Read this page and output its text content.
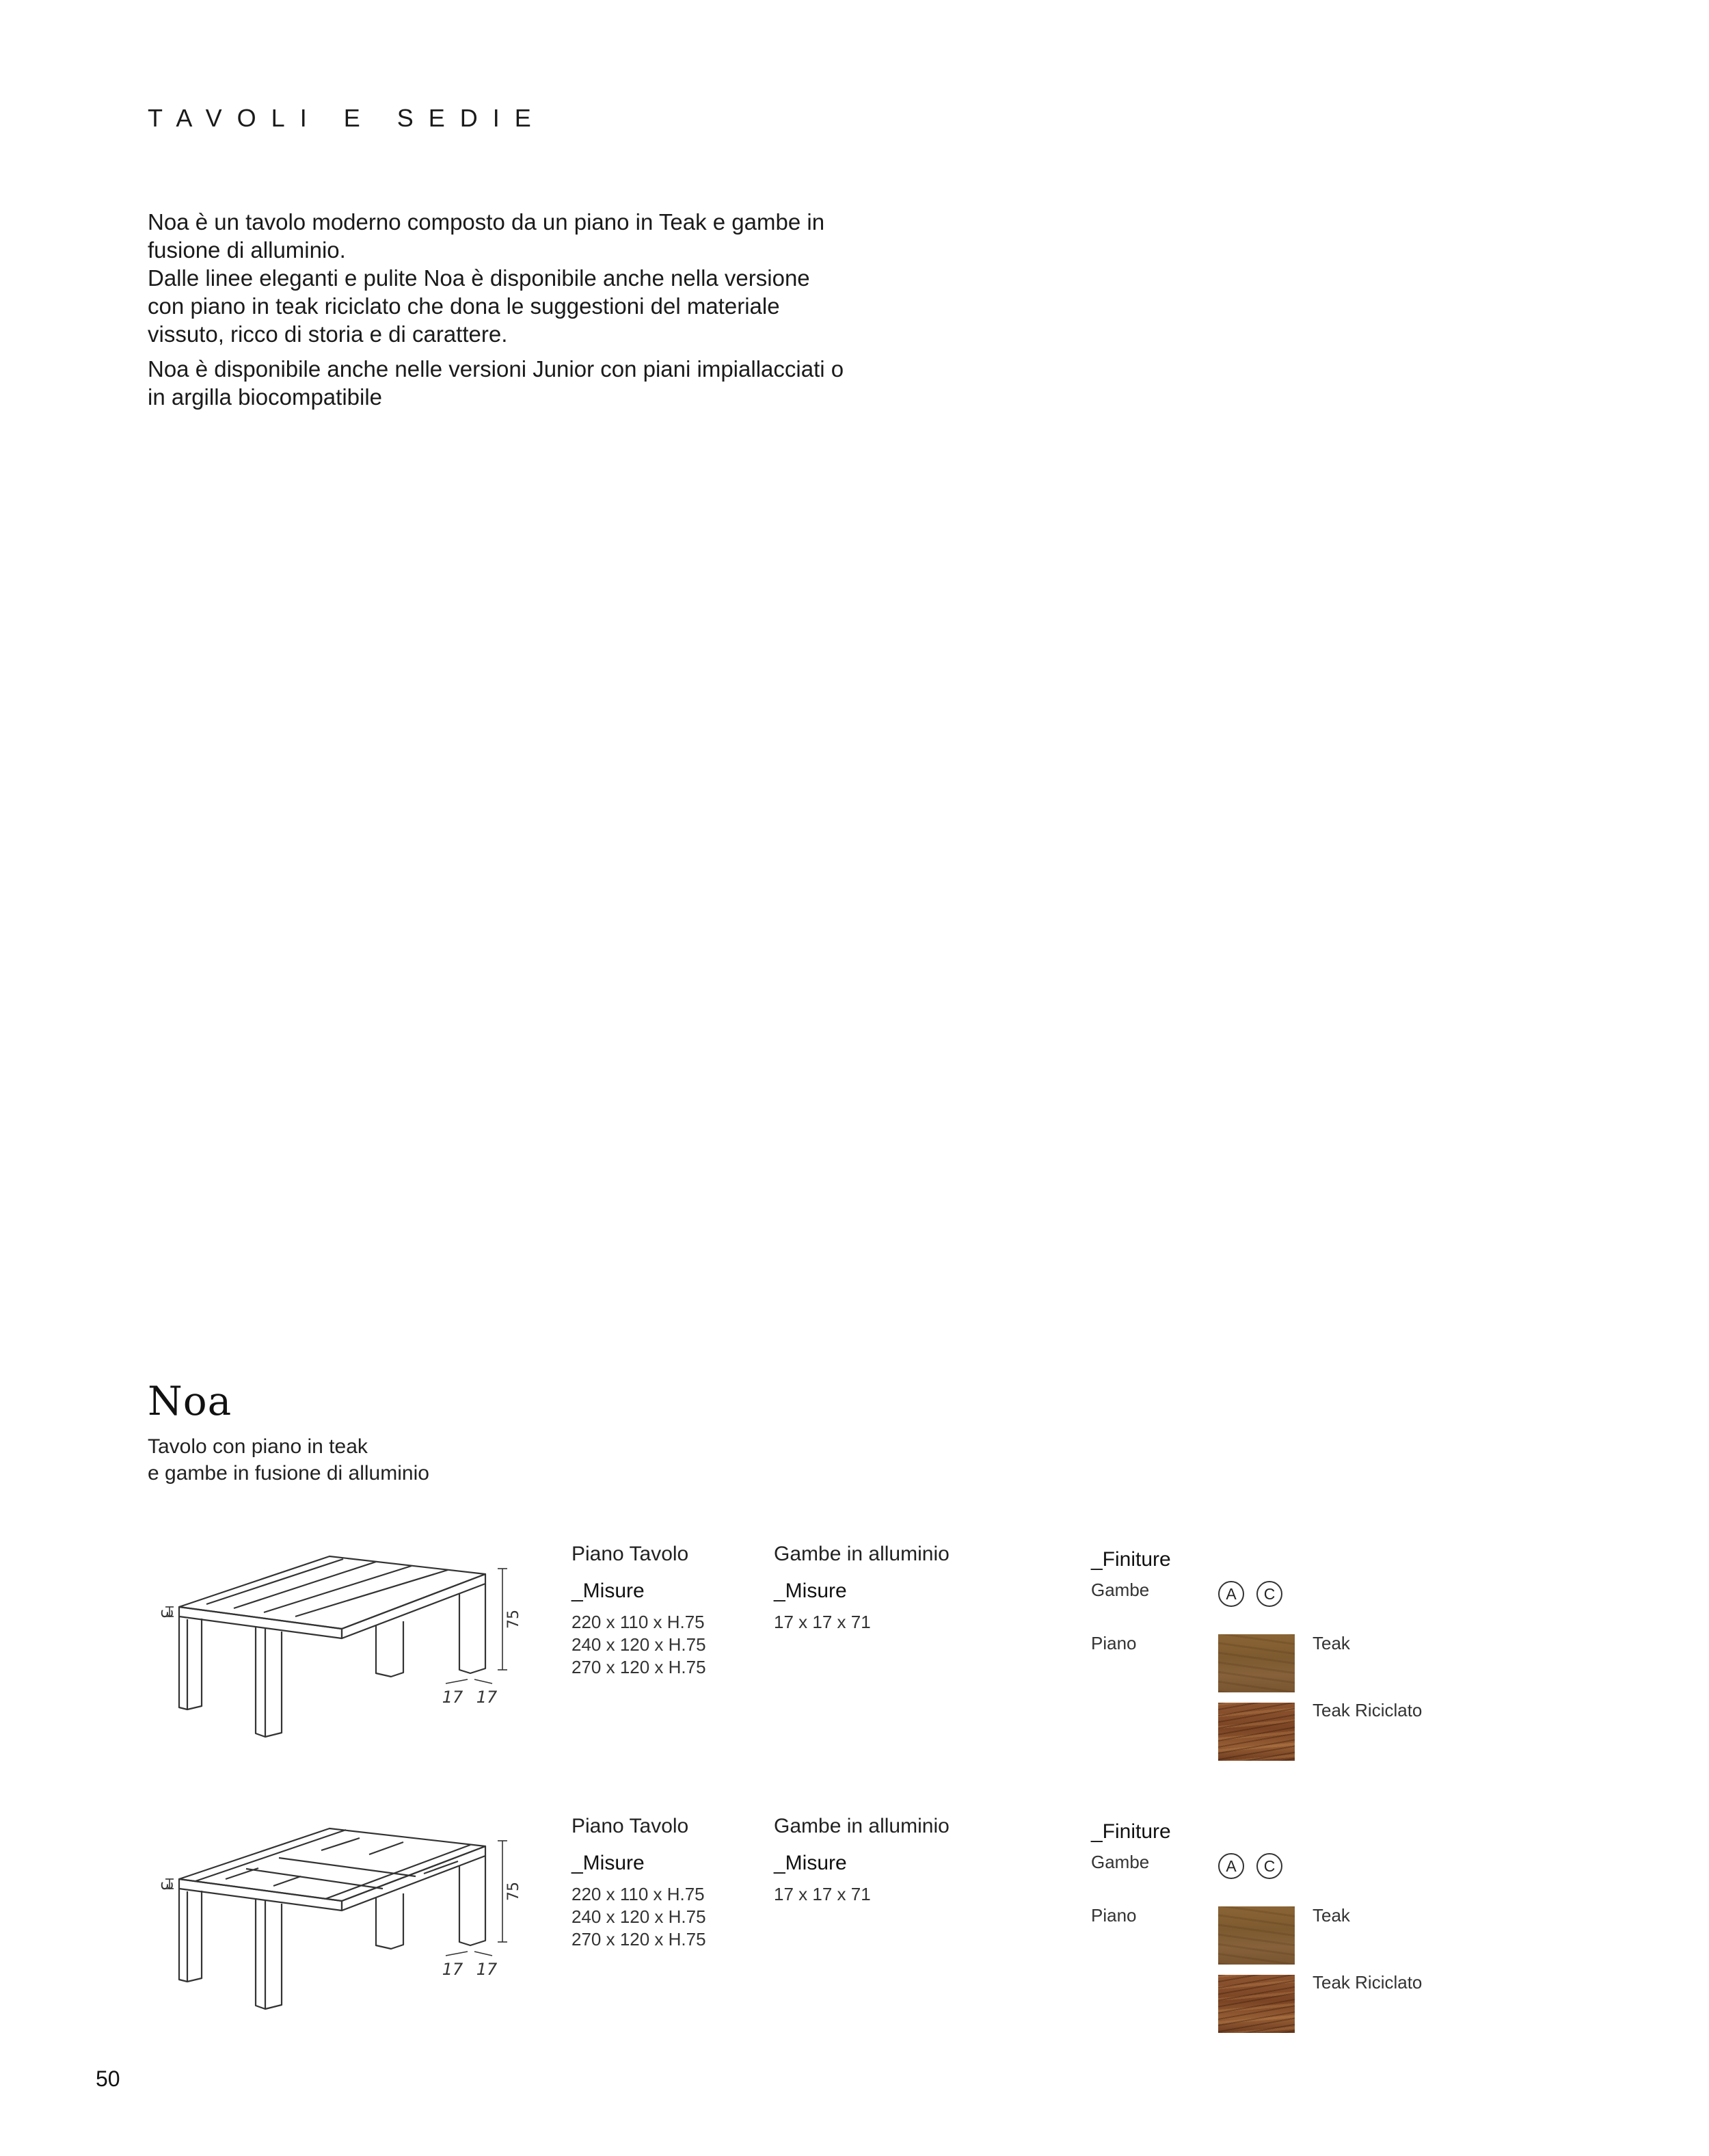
TAVOLI E SEDIE

Noa è un tavolo moderno composto da un piano in Teak e gambe in fusione di alluminio.

Dalle linee eleganti e pulite Noa è disponibile anche nella versione con piano in teak riciclato che dona le suggestioni del materiale vissuto, ricco di storia e di carattere.

Noa è disponibile anche nelle versioni Junior con piani impiallacciati o in argilla biocompatibile

Noa
Tavolo con piano in teak
e gambe in fusione di alluminio
3	75
17 17
Piano Tavolo
_Misure
220 x 110 x H.75
240 x 120 x H.75
270 x 120 x H.75
Gambe in alluminio
_Misure
17 x 17 x 71
_Finiture
Gambe	A	C
Piano	Teak
Teak Riciclato
3	75
17 17
Piano Tavolo
_Misure
220 x 110 x H.75
240 x 120 x H.75
270 x 120 x H.75
Gambe in alluminio
_Misure
17 x 17 x 71
_Finiture
Gambe	A	C
Piano	Teak
Teak Riciclato
50
